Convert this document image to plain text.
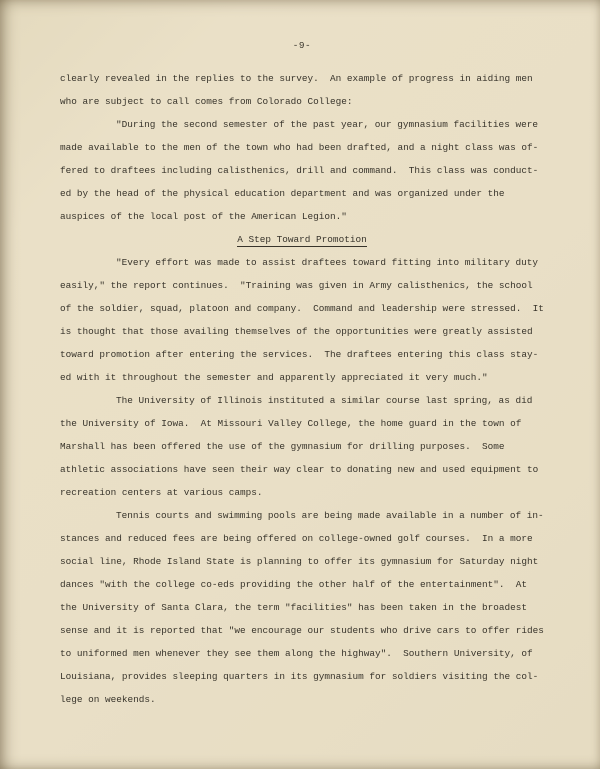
-9-
clearly revealed in the replies to the survey.  An example of progress in aiding men
who are subject to call comes from Colorado College:
"During the second semester of the past year, our gymnasium facilities were
made available to the men of the town who had been drafted, and a night class was of-
fered to draftees including calisthenics, drill and command.  This class was conduct-
ed by the head of the physical education department and was organized under the
auspices of the local post of the American Legion."
A Step Toward Promotion
"Every effort was made to assist draftees toward fitting into military duty
easily," the report continues.  "Training was given in Army calisthenics, the school
of the soldier, squad, platoon and company.  Command and leadership were stressed.  It
is thought that those availing themselves of the opportunities were greatly assisted
toward promotion after entering the services.  The draftees entering this class stay-
ed with it throughout the semester and apparently appreciated it very much."
The University of Illinois instituted a similar course last spring, as did
the University of Iowa.  At Missouri Valley College, the home guard in the town of
Marshall has been offered the use of the gymnasium for drilling purposes.  Some
athletic associations have seen their way clear to donating new and used equipment to
recreation centers at various camps.
Tennis courts and swimming pools are being made available in a number of in-
stances and reduced fees are being offered on college-owned golf courses.  In a more
social line, Rhode Island State is planning to offer its gymnasium for Saturday night
dances "with the college co-eds providing the other half of the entertainment".  At
the University of Santa Clara, the term "facilities" has been taken in the broadest
sense and it is reported that "we encourage our students who drive cars to offer rides
to uniformed men whenever they see them along the highway".  Southern University, of
Louisiana, provides sleeping quarters in its gymnasium for soldiers visiting the col-
lege on weekends.
